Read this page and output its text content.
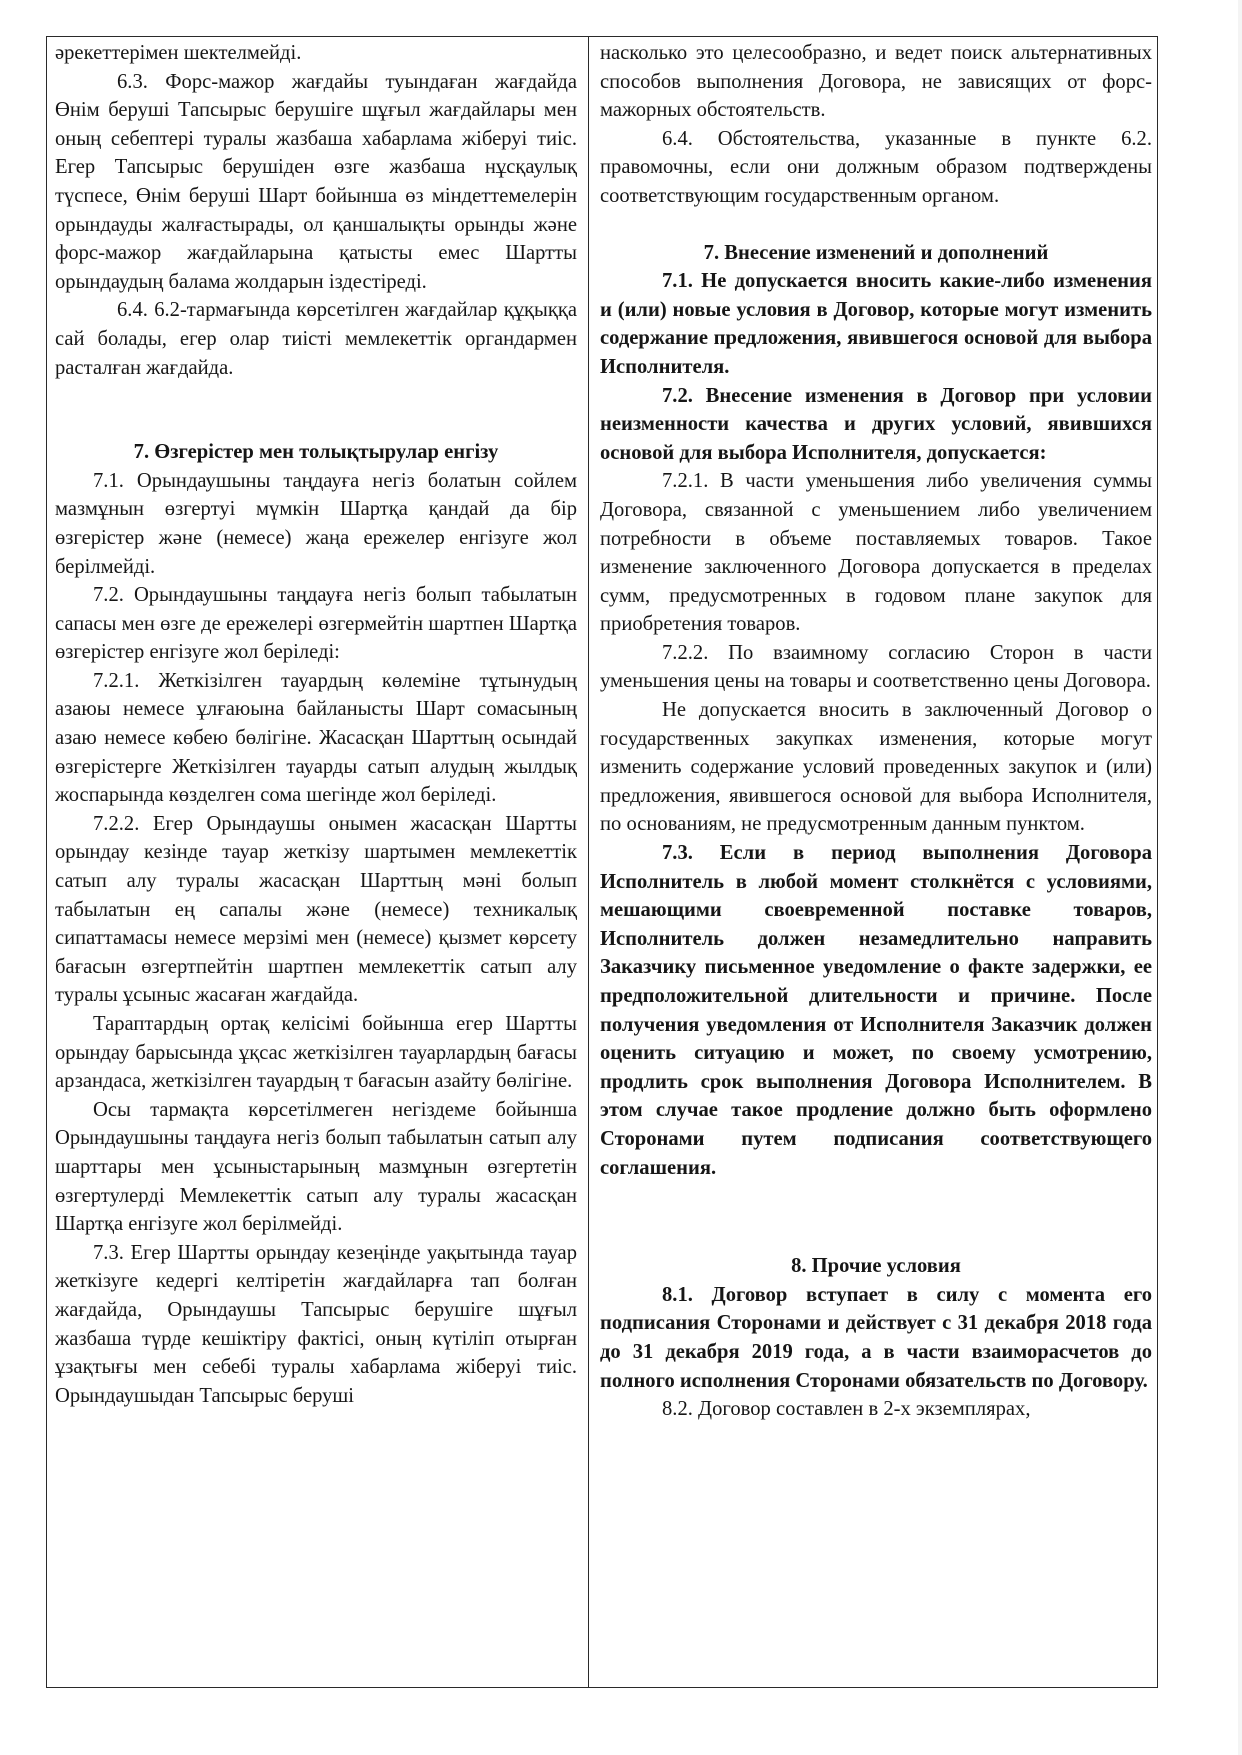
әрекеттерімен шектелмейді.

6.3. Форс-мажор жағдайы туындаған жағдайда Өнім беруші Тапсырыс берушіге шұғыл жағдайлары мен оның себептері туралы жазбаша хабарлама жіберуі тиіс. Егер Тапсырыс берушіден өзге жазбаша нұсқаулық түспесе, Өнім беруші Шарт бойынша өз міндеттемелерін орындауды жалғастырады, ол қаншалықты орынды және форс-мажор жағдайларына қатысты емес Шартты орындаудың балама жолдарын іздестіреді.

6.4. 6.2-тармағында көрсетілген жағдайлар құқыққа сай болады, егер олар тиісті мемлекеттік органдармен расталған жағдайда.

7. Өзгерістер мен толықтырулар енгізу

7.1. Орындаушыны таңдауға негіз болатын сойлем мазмұнын өзгертуі мүмкін Шартқа қандай да бір өзгерістер және (немесе) жаңа ережелер енгізуге жол берілмейді.

7.2. Орындаушыны таңдауға негіз болып табылатын сапасы мен өзге де ережелері өзгермейтін шартпен Шартқа өзгерістер енгізуге жол беріледі:

7.2.1. Жеткізілген тауардың көлеміне тұтынудың азаюы немесе ұлғаюына байланысты Шарт сомасының азаю немесе көбею бөлігіне. Жасасқан Шарттың осындай өзгерістерге Жеткізілген тауарды сатып алудың жылдық жоспарында көзделген сома шегінде жол беріледі.

7.2.2. Егер Орындаушы онымен жасасқан Шартты орындау кезінде тауар жеткізу шартымен мемлекеттік сатып алу туралы жасасқан Шарттың мәні болып табылатын ең сапалы және (немесе) техникалық сипаттамасы немесе мерзімі мен (немесе) қызмет көрсету бағасын өзгертпейтін шартпен мемлекеттік сатып алу туралы ұсыныс жасаған жағдайда.

Тараптардың ортақ келісімі бойынша егер Шартты орындау барысында ұқсас жеткізілген тауарлардың бағасы арзандаса, жеткізілген тауардың т бағасын азайту бөлігіне.

Осы тармақта көрсетілмеген негіздеме бойынша Орындаушыны таңдауға негіз болып табылатын сатып алу шарттары мен ұсыныстарының мазмұнын өзгертетін өзгертулерді Мемлекеттік сатып алу туралы жасасқан Шартқа енгізуге жол берілмейді.

7.3. Егер Шартты орындау кезеңінде уақытында тауар жеткізуге кедергі келтіретін жағдайларға тап болған жағдайда, Орындаушы Тапсырыс берушіге шұғыл жазбаша түрде кешіктіру фактісі, оның күтіліп отырған ұзақтығы мен себебі туралы хабарлама жіберуі тиіс. Орындаушыдан Тапсырыс беруші

насколько это целесообразно, и ведет поиск альтернативных способов выполнения Договора, не зависящих от форс-мажорных обстоятельств.

6.4. Обстоятельства, указанные в пункте 6.2. правомочны, если они должным образом подтверждены соответствующим государственным органом.

7. Внесение изменений и дополнений

7.1. Не допускается вносить какие-либо изменения и (или) новые условия в Договор, которые могут изменить содержание предложения, явившегося основой для выбора Исполнителя.

7.2. Внесение изменения в Договор при условии неизменности качества и других условий, явившихся основой для выбора Исполнителя, допускается:

7.2.1. В части уменьшения либо увеличения суммы Договора, связанной с уменьшением либо увеличением потребности в объеме поставляемых товаров. Такое изменение заключенного Договора допускается в пределах сумм, предусмотренных в годовом плане закупок для приобретения товаров.

7.2.2. По взаимному согласию Сторон в части уменьшения цены на товары и соответственно цены Договора.

Не допускается вносить в заключенный Договор о государственных закупках изменения, которые могут изменить содержание условий проведенных закупок и (или) предложения, явившегося основой для выбора Исполнителя, по основаниям, не предусмотренным данным пунктом.

7.3. Если в период выполнения Договора Исполнитель в любой момент столкнётся с условиями, мешающими своевременной поставке товаров, Исполнитель должен незамедлительно направить Заказчику письменное уведомление о факте задержки, ее предположительной длительности и причине. После получения уведомления от Исполнителя Заказчик должен оценить ситуацию и может, по своему усмотрению, продлить срок выполнения Договора Исполнителем. В этом случае такое продление должно быть оформлено Сторонами путем подписания соответствующего соглашения.

8. Прочие условия

8.1. Договор вступает в силу с момента его подписания Сторонами и действует с 31 декабря 2018 года до 31 декабря 2019 года, а в части взаиморасчетов до полного исполнения Сторонами обязательств по Договору.

8.2. Договор составлен в 2-х экземплярах,
